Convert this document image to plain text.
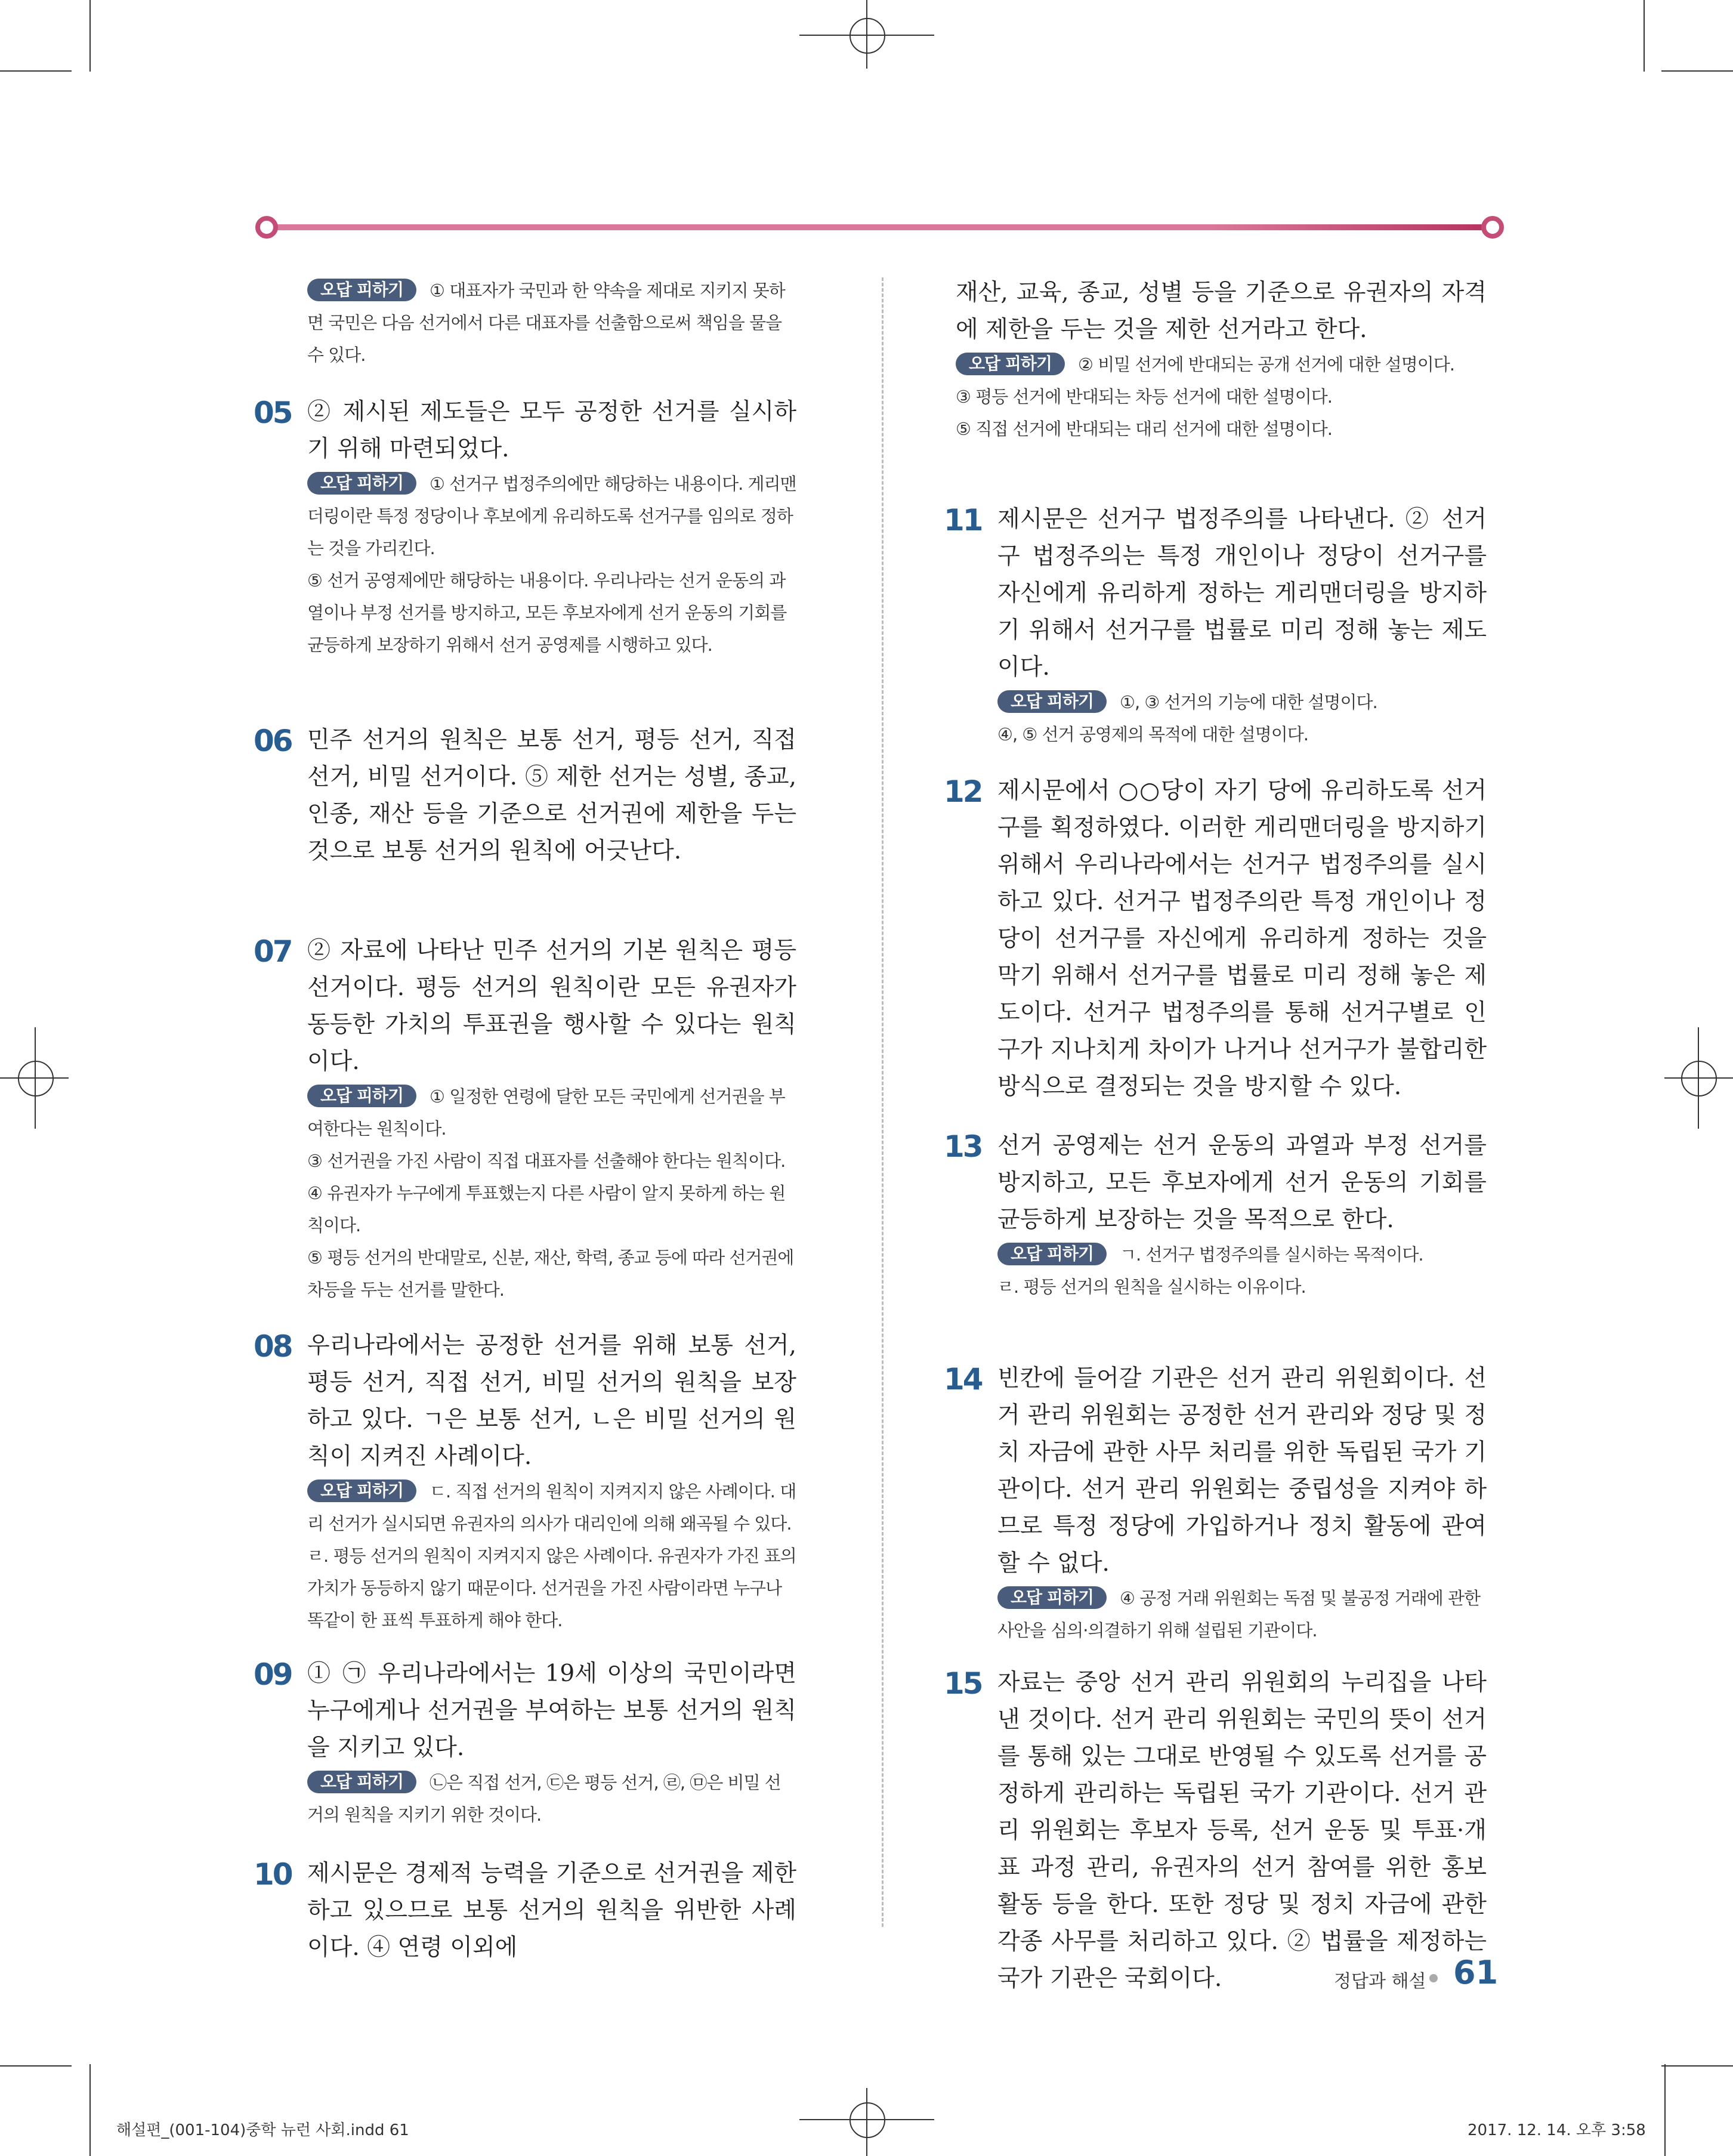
오답 피하기 ① 대표자가 국민과 한 약속을 제대로 지키지 못하면 국민은 다음 선거에서 다른 대표자를 선출함으로써 책임을 물을 수 있다.
05 ② 제시된 제도들은 모두 공정한 선거를 실시하기 위해 마련되었다.
오답 피하기 ① 선거구 법정주의에만 해당하는 내용이다. 게리맨더링이란 특정 정당이나 후보에게 유리하도록 선거구를 임의로 정하는 것을 가리킨다.
⑤ 선거 공영제에만 해당하는 내용이다. 우리나라는 선거 운동의 과열이나 부정 선거를 방지하고, 모든 후보자에게 선거 운동의 기회를 균등하게 보장하기 위해서 선거 공영제를 시행하고 있다.
06 민주 선거의 원칙은 보통 선거, 평등 선거, 직접 선거, 비밀 선거이다. ⑤ 제한 선거는 성별, 종교, 인종, 재산 등을 기준으로 선거권에 제한을 두는 것으로 보통 선거의 원칙에 어긋난다.
07 ② 자료에 나타난 민주 선거의 기본 원칙은 평등 선거이다. 평등 선거의 원칙이란 모든 유권자가 동등한 가치의 투표권을 행사할 수 있다는 원칙이다.
오답 피하기 ① 일정한 연령에 달한 모든 국민에게 선거권을 부여한다는 원칙이다.
③ 선거권을 가진 사람이 직접 대표자를 선출해야 한다는 원칙이다.
④ 유권자가 누구에게 투표했는지 다른 사람이 알지 못하게 하는 원칙이다.
⑤ 평등 선거의 반대말로, 신분, 재산, 학력, 종교 등에 따라 선거권에 차등을 두는 선거를 말한다.
08 우리나라에서는 공정한 선거를 위해 보통 선거, 평등 선거, 직접 선거, 비밀 선거의 원칙을 보장하고 있다. ㄱ은 보통 선거, ㄴ은 비밀 선거의 원칙이 지켜진 사례이다.
오답 피하기 ㄷ. 직접 선거의 원칙이 지켜지지 않은 사례이다. 대리 선거가 실시되면 유권자의 의사가 대리인에 의해 왜곡될 수 있다.
ㄹ. 평등 선거의 원칙이 지켜지지 않은 사례이다. 유권자가 가진 표의 가치가 동등하지 않기 때문이다. 선거권을 가진 사람이라면 누구나 똑같이 한 표씩 투표하게 해야 한다.
09 ① ㉠ 우리나라에서는 19세 이상의 국민이라면 누구에게나 선거권을 부여하는 보통 선거의 원칙을 지키고 있다.
오답 피하기 ㉡은 직접 선거, ㉢은 평등 선거, ㉣, ㉤은 비밀 선거의 원칙을 지키기 위한 것이다.
10 제시문은 경제적 능력을 기준으로 선거권을 제한하고 있으므로 보통 선거의 원칙을 위반한 사례이다. ④ 연령 이외에
재산, 교육, 종교, 성별 등을 기준으로 유권자의 자격에 제한을 두는 것을 제한 선거라고 한다.
오답 피하기 ② 비밀 선거에 반대되는 공개 선거에 대한 설명이다.
③ 평등 선거에 반대되는 차등 선거에 대한 설명이다.
⑤ 직접 선거에 반대되는 대리 선거에 대한 설명이다.
11 제시문은 선거구 법정주의를 나타낸다. ② 선거구 법정주의는 특정 개인이나 정당이 선거구를 자신에게 유리하게 정하는 게리맨더링을 방지하기 위해서 선거구를 법률로 미리 정해 놓는 제도이다.
오답 피하기 ①, ③ 선거의 기능에 대한 설명이다.
④, ⑤ 선거 공영제의 목적에 대한 설명이다.
12 제시문에서 ○○당이 자기 당에 유리하도록 선거구를 획정하였다. 이러한 게리맨더링을 방지하기 위해서 우리나라에서는 선거구 법정주의를 실시하고 있다. 선거구 법정주의란 특정 개인이나 정당이 선거구를 자신에게 유리하게 정하는 것을 막기 위해서 선거구를 법률로 미리 정해 놓은 제도이다. 선거구 법정주의를 통해 선거구별로 인구가 지나치게 차이가 나거나 선거구가 불합리한 방식으로 결정되는 것을 방지할 수 있다.
13 선거 공영제는 선거 운동의 과열과 부정 선거를 방지하고, 모든 후보자에게 선거 운동의 기회를 균등하게 보장하는 것을 목적으로 한다.
오답 피하기 ㄱ. 선거구 법정주의를 실시하는 목적이다.
ㄹ. 평등 선거의 원칙을 실시하는 이유이다.
14 빈칸에 들어갈 기관은 선거 관리 위원회이다. 선거 관리 위원회는 공정한 선거 관리와 정당 및 정치 자금에 관한 사무 처리를 위한 독립된 국가 기관이다. 선거 관리 위원회는 중립성을 지켜야 하므로 특정 정당에 가입하거나 정치 활동에 관여할 수 없다.
오답 피하기 ④ 공정 거래 위원회는 독점 및 불공정 거래에 관한 사안을 심의·의결하기 위해 설립된 기관이다.
15 자료는 중앙 선거 관리 위원회의 누리집을 나타낸 것이다. 선거 관리 위원회는 국민의 뜻이 선거를 통해 있는 그대로 반영될 수 있도록 선거를 공정하게 관리하는 독립된 국가 기관이다. 선거 관리 위원회는 후보자 등록, 선거 운동 및 투표·개표 과정 관리, 유권자의 선거 참여를 위한 홍보 활동 등을 한다. 또한 정당 및 정치 자금에 관한 각종 사무를 처리하고 있다. ② 법률을 제정하는 국가 기관은 국회이다.	정답과 해설 61
해설편_(001-104)중학 뉴런 사회.indd 61	2017. 12. 14. 오후 3:58
